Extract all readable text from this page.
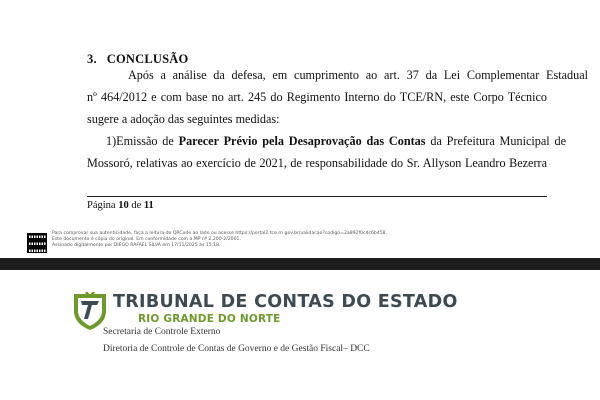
3. CONCLUSÃO
Após a análise da defesa, em cumprimento ao art. 37 da Lei Complementar Estadual
nº 464/2012 e com base no art. 245 do Regimento Interno do TCE/RN, este Corpo Técnico
sugere a adoção das seguintes medidas:
1)Emissão de Parecer Prévio pela Desaprovação das Contas da Prefeitura Municipal de
Mossoró, relativas ao exercício de 2021, de responsabilidade do Sr. Allyson Leandro Bezerra
Página 10 de 11
Para comprovar sua autenticidade, faça a leitura do QRCode ao lado ou acesse https://portal2.tce.rn.gov.br/validacao?codigo=2a892f0c4c6b458.
Este documento é cópia do original. Em conformidade com a MP nº 2.200-2/2001.
Assinado digitalmente por DIEGO RAFAEL SILVA em 17/11/2025 às 15:18.
TRIBUNAL DE CONTAS DO ESTADO
RIO GRANDE DO NORTE
Secretaria de Controle Externo
Diretoria de Controle de Contas de Governo e de Gestão Fiscal– DCC
